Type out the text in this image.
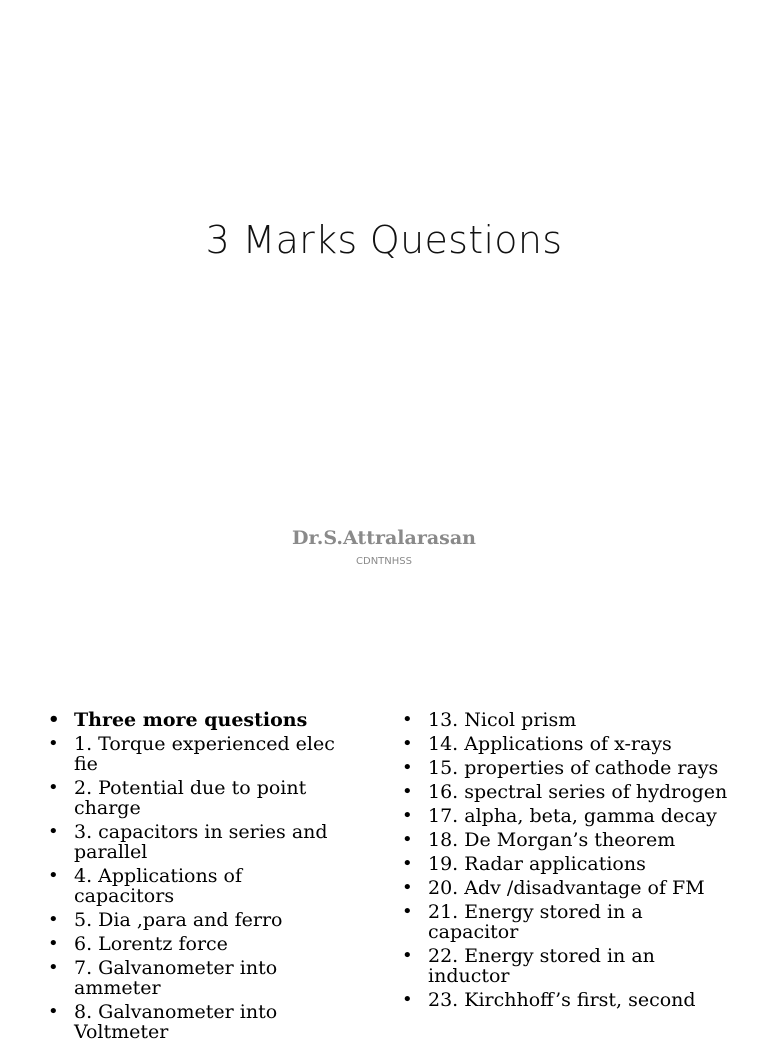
3 Marks Questions
Dr.S.Attralarasan
CDNTNHSS
• Three more questions
• 1. Torque experienced elec fie
• 2. Potential due to point charge
• 3. capacitors in series and parallel
• 4. Applications of capacitors
• 5. Dia ,para and ferro
• 6. Lorentz force
• 7. Galvanometer into ammeter
• 8. Galvanometer into Voltmeter
• 13. Nicol prism
• 14. Applications of x-rays
• 15. properties of cathode rays
• 16. spectral series of hydrogen
• 17. alpha, beta, gamma decay
• 18. De Morgan’s theorem
• 19. Radar applications
• 20. Adv /disadvantage of FM
• 21. Energy stored in a capacitor
• 22. Energy stored in an inductor
• 23. Kirchhoff’s first, second
